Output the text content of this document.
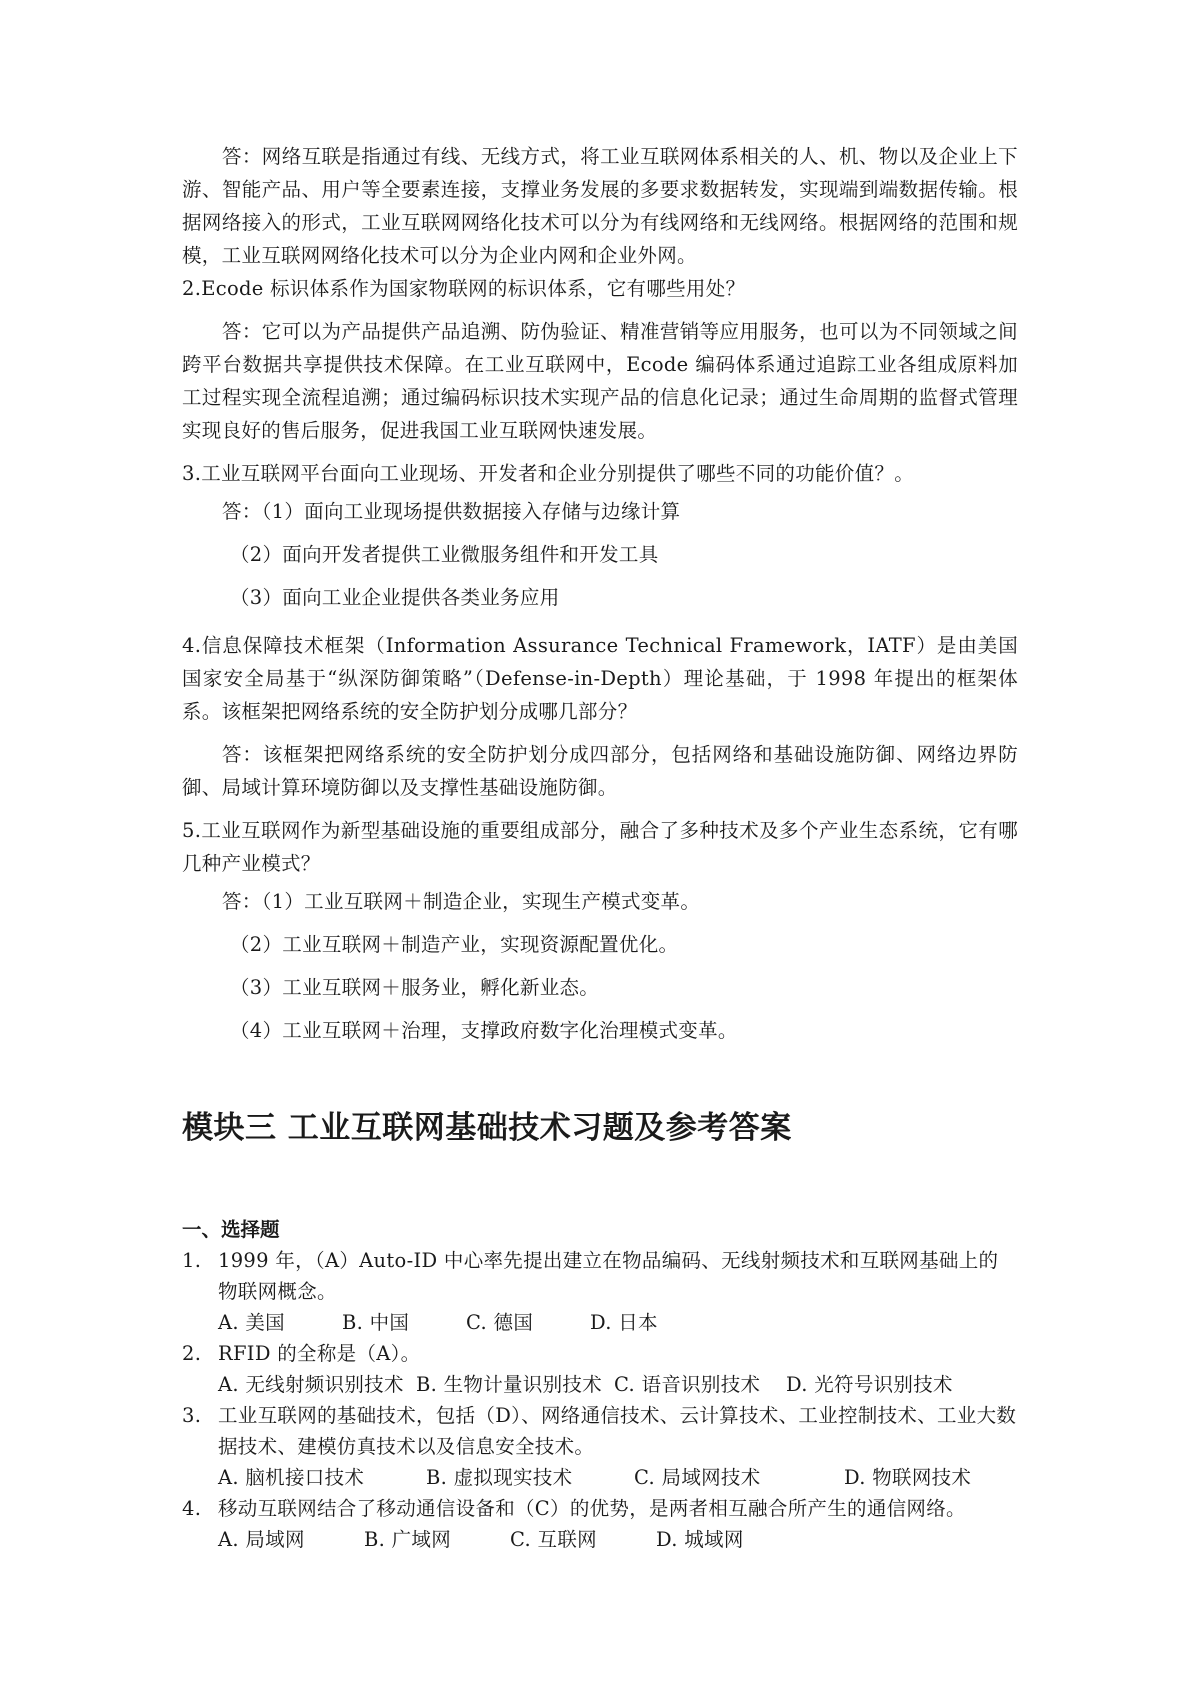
答：网络互联是指通过有线、无线方式，将工业互联网体系相关的人、机、物以及企业上下游、智能产品、用户等全要素连接，支撑业务发展的多要求数据转发，实现端到端数据传输。根据网络接入的形式，工业互联网网络化技术可以分为有线网络和无线网络。根据网络的范围和规模，工业互联网网络化技术可以分为企业内网和企业外网。

2.Ecode 标识体系作为国家物联网的标识体系，它有哪些用处？

答：它可以为产品提供产品追溯、防伪验证、精准营销等应用服务，也可以为不同领域之间跨平台数据共享提供技术保障。在工业互联网中，Ecode 编码体系通过追踪工业各组成原料加工过程实现全流程追溯；通过编码标识技术实现产品的信息化记录；通过生命周期的监督式管理实现良好的售后服务，促进我国工业互联网快速发展。

3.工业互联网平台面向工业现场、开发者和企业分别提供了哪些不同的功能价值？。

答：（1）面向工业现场提供数据接入存储与边缘计算

（2）面向开发者提供工业微服务组件和开发工具

（3）面向工业企业提供各类业务应用

4.信息保障技术框架（Information Assurance Technical Framework，IATF）是由美国国家安全局基于“纵深防御策略”（Defense-in-Depth）理论基础，于 1998 年提出的框架体系。该框架把网络系统的安全防护划分成哪几部分？

答：该框架把网络系统的安全防护划分成四部分，包括网络和基础设施防御、网络边界防御、局域计算环境防御以及支撑性基础设施防御。

5.工业互联网作为新型基础设施的重要组成部分，融合了多种技术及多个产业生态系统，它有哪几种产业模式？

答：（1）工业互联网＋制造企业，实现生产模式变革。

（2）工业互联网＋制造产业，实现资源配置优化。

（3）工业互联网＋服务业，孵化新业态。

（4）工业互联网＋治理，支撑政府数字化治理模式变革。

模块三 工业互联网基础技术习题及参考答案

一、选择题

1. 1999 年，（A）Auto-ID 中心率先提出建立在物品编码、无线射频技术和互联网基础上的物联网概念。
A. 美国	B. 中国	C. 德国	D. 日本
2. RFID 的全称是（A）。
A. 无线射频识别技术 B. 生物计量识别技术 C. 语音识别技术	D. 光符号识别技术
3. 工业互联网的基础技术，包括（D）、网络通信技术、云计算技术、工业控制技术、工业大数据技术、建模仿真技术以及信息安全技术。
A. 脑机接口技术	B. 虚拟现实技术	C. 局域网技术	D. 物联网技术
4. 移动互联网结合了移动通信设备和（C）的优势，是两者相互融合所产生的通信网络。
A. 局域网	B. 广域网	C. 互联网	D. 城域网
